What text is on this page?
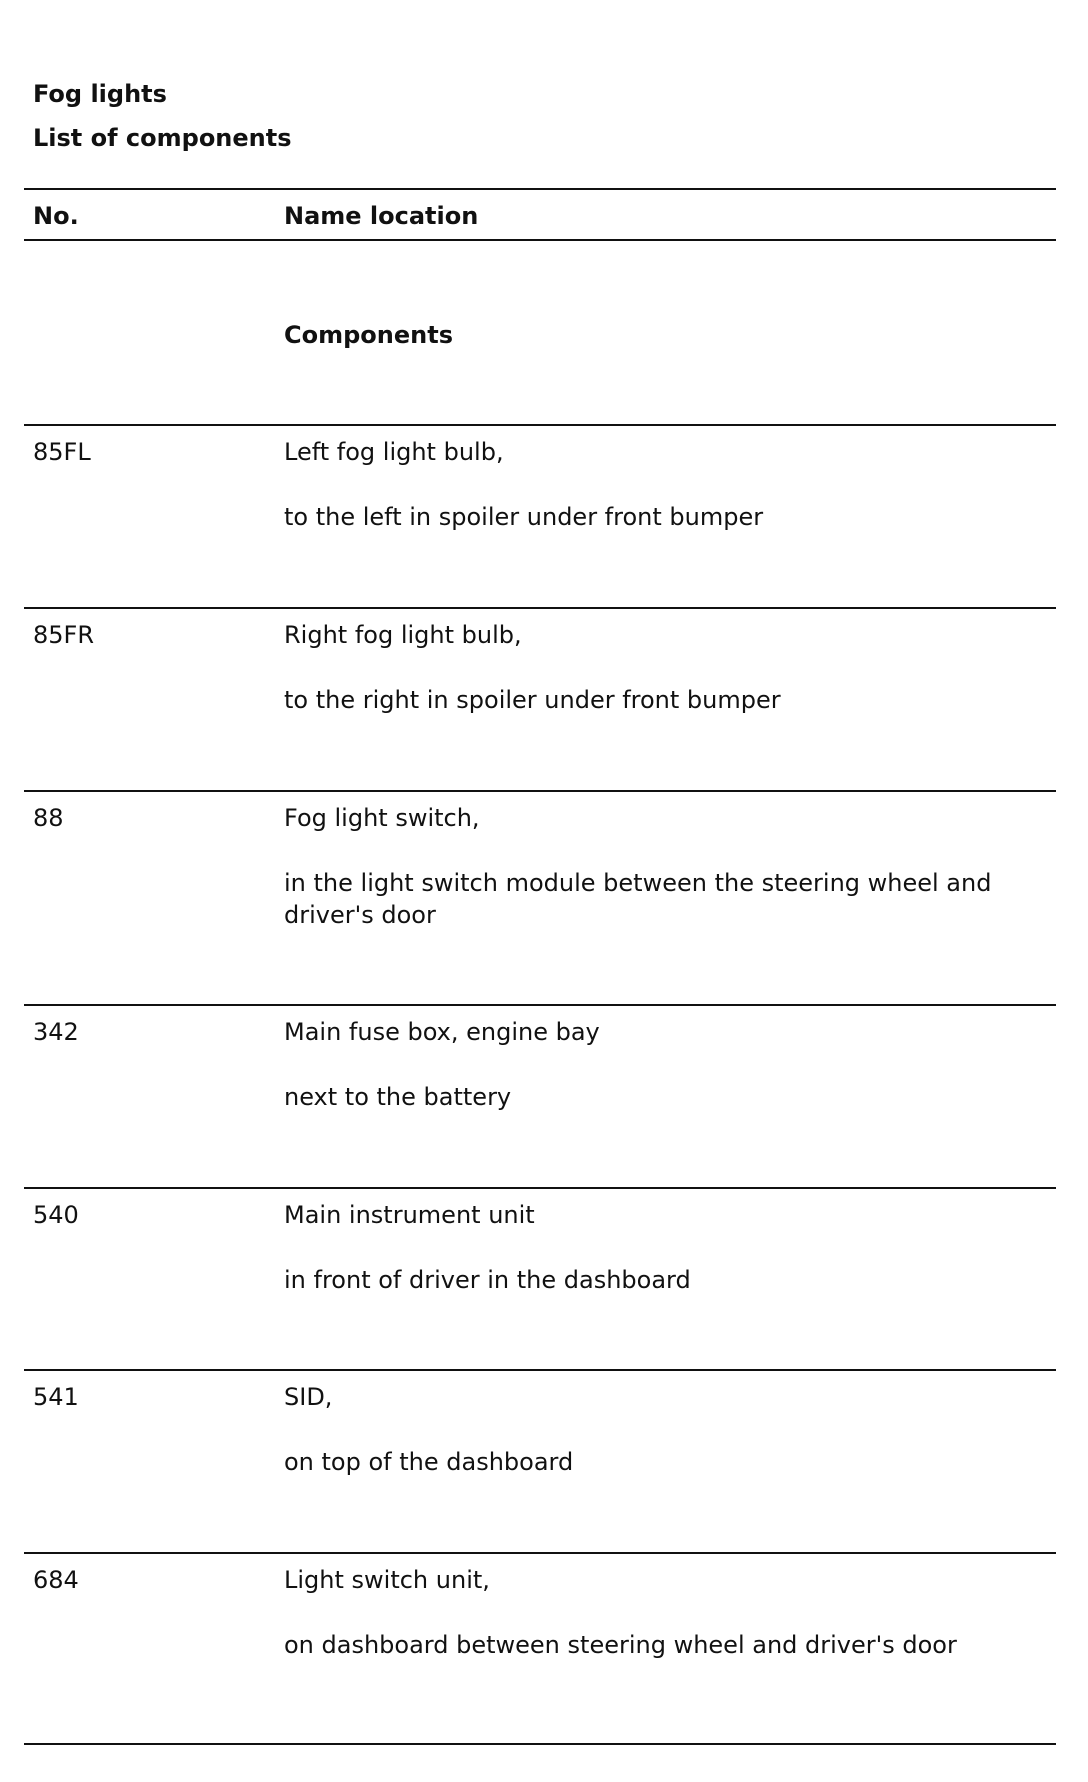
Fog lights
List of components
No.	Name location
Components
85FL	Left fog light bulb,
to the left in spoiler under front bumper
85FR	Right fog light bulb,
to the right in spoiler under front bumper
88	Fog light switch,
in the light switch module between the steering wheel and driver's door
342	Main fuse box, engine bay
next to the battery
540	Main instrument unit
in front of driver in the dashboard
541	SID,
on top of the dashboard
684	Light switch unit,
on dashboard between steering wheel and driver's door
